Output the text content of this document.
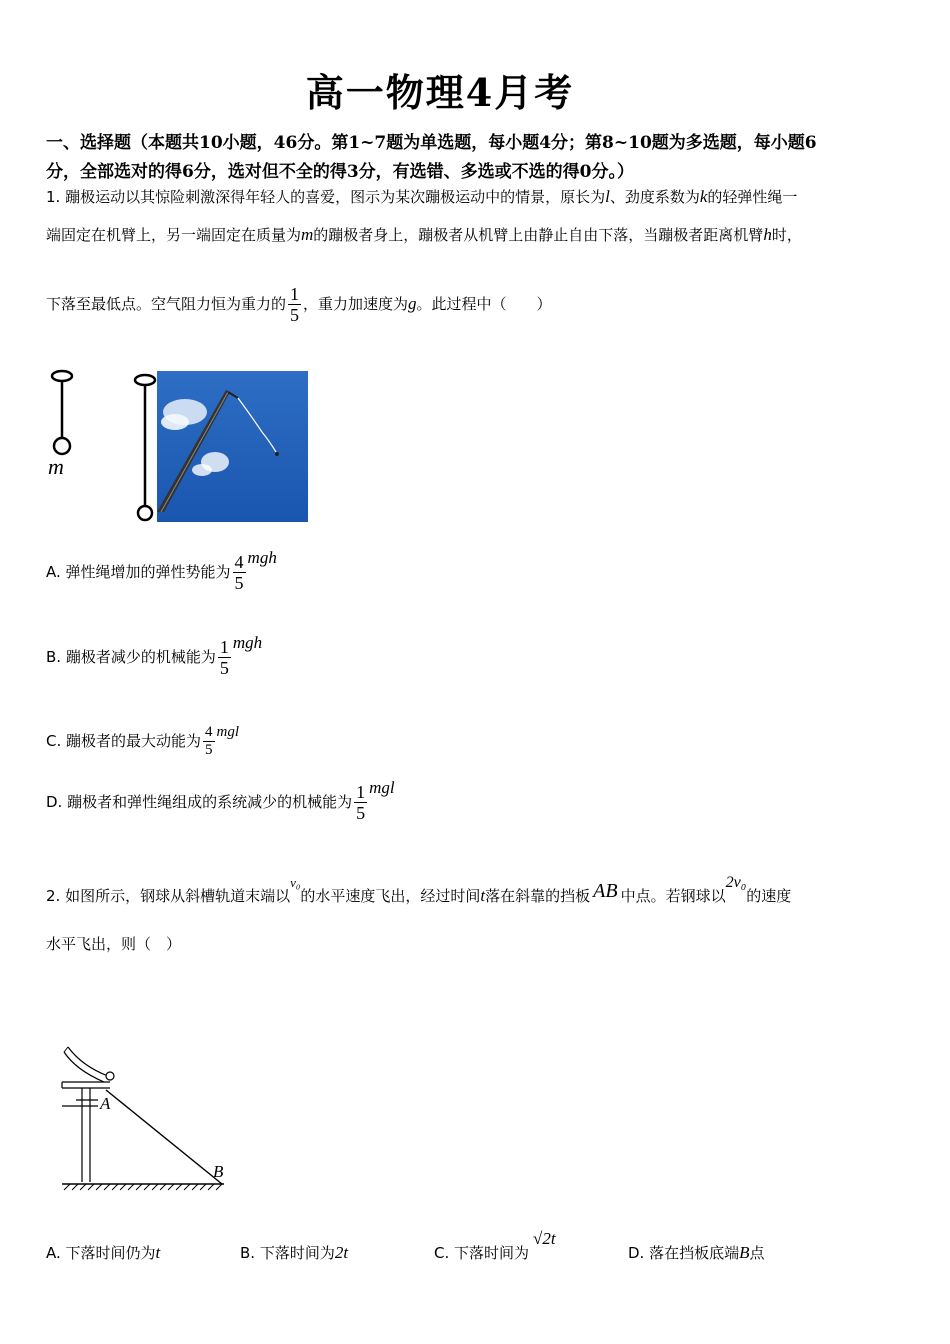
高一物理4月考
一、选择题（本题共10小题，46分。第1~7题为单选题，每小题4分；第8~10题为多选题，每小题6
分，全部选对的得6分，选对但不全的得3分，有选错、多选或不选的得0分。）
1. 蹦极运动以其惊险刺激深得年轻人的喜爱，图示为某次蹦极运动中的情景，原长为l、劲度系数为k的轻弹性绳一
端固定在机臂上，另一端固定在质量为m的蹦极者身上，蹦极者从机臂上由静止自由下落，当蹦极者距离机臂h时，
下落至最低点。空气阻力恒为重力的 $\frac{1}{5}$ ，重力加速度为g。此过程中（　　）
m
A. 弹性绳增加的弹性势能为 $\frac{4}{5}$ mgh
B. 蹦极者减少的机械能为 $\frac{1}{5}$ mgh
C. 蹦极者的最大动能为 $\frac{4}{5}$ mgl
D. 蹦极者和弹性绳组成的系统减少的机械能为 $\frac{1}{5}$ mgl
2. 如图所示，钢球从斜槽轨道末端以v₀的水平速度飞出，经过时间t落在斜靠的挡板 AB 中点。若钢球以2v₀的速度
水平飞出，则（　）
A
B
A. 下落时间仍为t	B. 下落时间为2t	C. 下落时间为√2t
D. 落在挡板底端B点
